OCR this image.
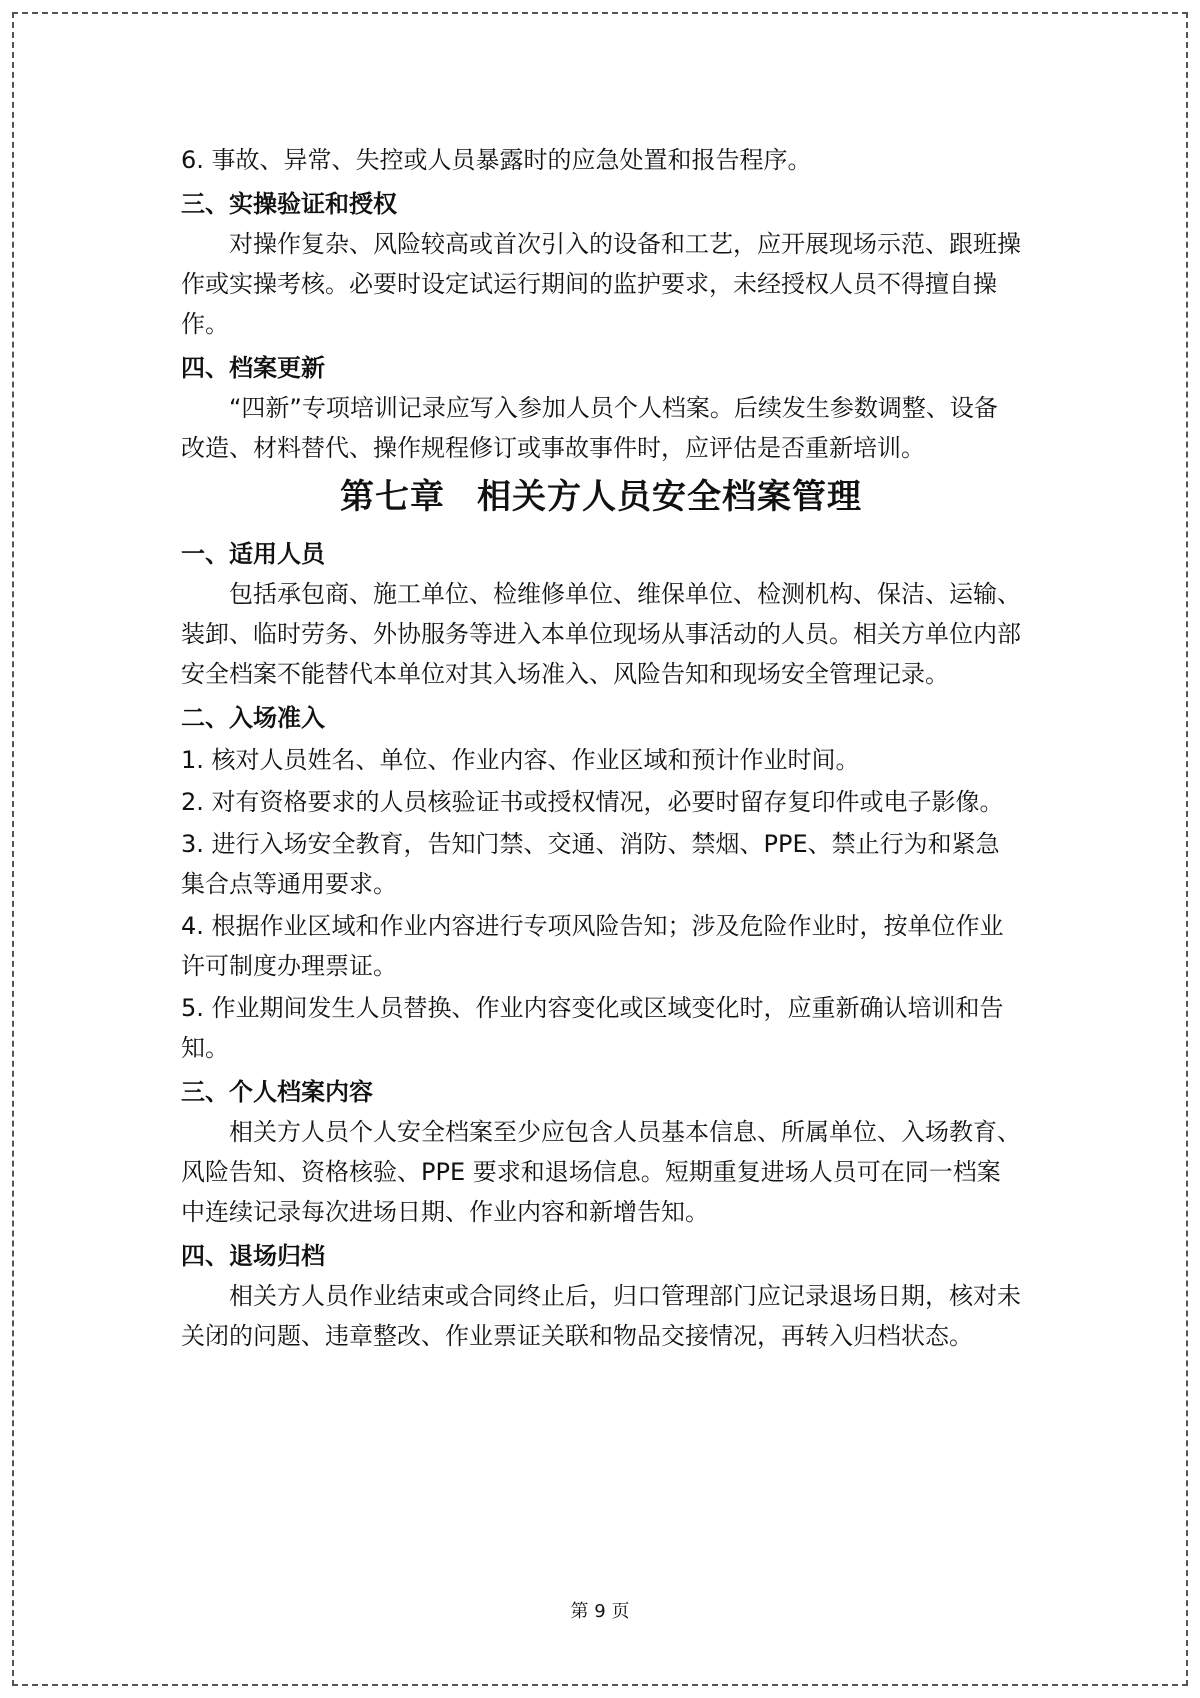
6. 事故、异常、失控或人员暴露时的应急处置和报告程序。

三、实操验证和授权

对操作复杂、风险较高或首次引入的设备和工艺，应开展现场示范、跟班操作或实操考核。必要时设定试运行期间的监护要求，未经授权人员不得擅自操作。

四、档案更新

“四新”专项培训记录应写入参加人员个人档案。后续发生参数调整、设备改造、材料替代、操作规程修订或事故事件时，应评估是否重新培训。

第七章 相关方人员安全档案管理

一、适用人员

包括承包商、施工单位、检维修单位、维保单位、检测机构、保洁、运输、装卸、临时劳务、外协服务等进入本单位现场从事活动的人员。相关方单位内部安全档案不能替代本单位对其入场准入、风险告知和现场安全管理记录。

二、入场准入

1. 核对人员姓名、单位、作业内容、作业区域和预计作业时间。

2. 对有资格要求的人员核验证书或授权情况，必要时留存复印件或电子影像。

3. 进行入场安全教育，告知门禁、交通、消防、禁烟、PPE、禁止行为和紧急集合点等通用要求。

4. 根据作业区域和作业内容进行专项风险告知；涉及危险作业时，按单位作业许可制度办理票证。

5. 作业期间发生人员替换、作业内容变化或区域变化时，应重新确认培训和告知。

三、个人档案内容

相关方人员个人安全档案至少应包含人员基本信息、所属单位、入场教育、风险告知、资格核验、PPE 要求和退场信息。短期重复进场人员可在同一档案中连续记录每次进场日期、作业内容和新增告知。

四、退场归档

相关方人员作业结束或合同终止后，归口管理部门应记录退场日期，核对未关闭的问题、违章整改、作业票证关联和物品交接情况，再转入归档状态。

第 9 页
